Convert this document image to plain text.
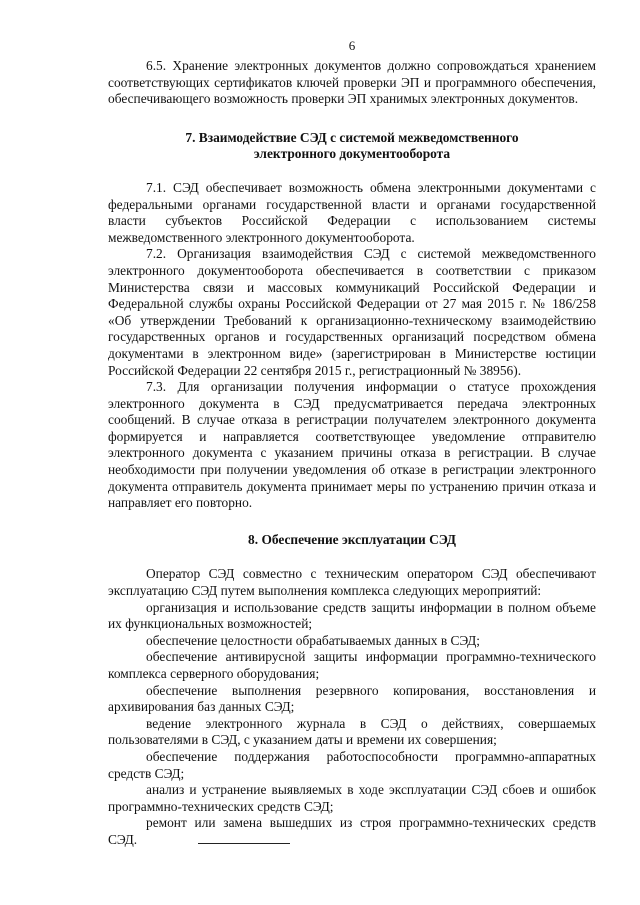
6

6.5. Хранение электронных документов должно сопровождаться хранением соответствующих сертификатов ключей проверки ЭП и программного обеспечения, обеспечивающего возможность проверки ЭП хранимых электронных документов.

7. Взаимодействие СЭД с системой межведомственного
электронного документооборота

7.1. СЭД обеспечивает возможность обмена электронными документами с федеральными органами государственной власти и органами государственной власти субъектов Российской Федерации с использованием системы межведомственного электронного документооборота.

7.2. Организация взаимодействия СЭД с системой межведомственного электронного документооборота обеспечивается в соответствии с приказом Министерства связи и массовых коммуникаций Российской Федерации и Федеральной службы охраны Российской Федерации от 27 мая 2015 г. № 186/258 «Об утверждении Требований к организационно-техническому взаимодействию государственных органов и государственных организаций посредством обмена документами в электронном виде» (зарегистрирован в Министерстве юстиции Российской Федерации 22 сентября 2015 г., регистрационный № 38956).

7.3. Для организации получения информации о статусе прохождения электронного документа в СЭД предусматривается передача электронных сообщений. В случае отказа в регистрации получателем электронного документа формируется и направляется соответствующее уведомление отправителю электронного документа с указанием причины отказа в регистрации. В случае необходимости при получении уведомления об отказе в регистрации электронного документа отправитель документа принимает меры по устранению причин отказа и направляет его повторно.

8. Обеспечение эксплуатации СЭД

Оператор СЭД совместно с техническим оператором СЭД обеспечивают эксплуатацию СЭД путем выполнения комплекса следующих мероприятий:

организация и использование средств защиты информации в полном объеме их функциональных возможностей;

обеспечение целостности обрабатываемых данных в СЭД;

обеспечение антивирусной защиты информации программно-технического комплекса серверного оборудования;

обеспечение выполнения резервного копирования, восстановления и архивирования баз данных СЭД;

ведение электронного журнала в СЭД о действиях, совершаемых пользователями в СЭД, с указанием даты и времени их совершения;

обеспечение поддержания работоспособности программно-аппаратных средств СЭД;

анализ и устранение выявляемых в ходе эксплуатации СЭД сбоев и ошибок программно-технических средств СЭД;

ремонт или замена вышедших из строя программно-технических средств СЭД.
